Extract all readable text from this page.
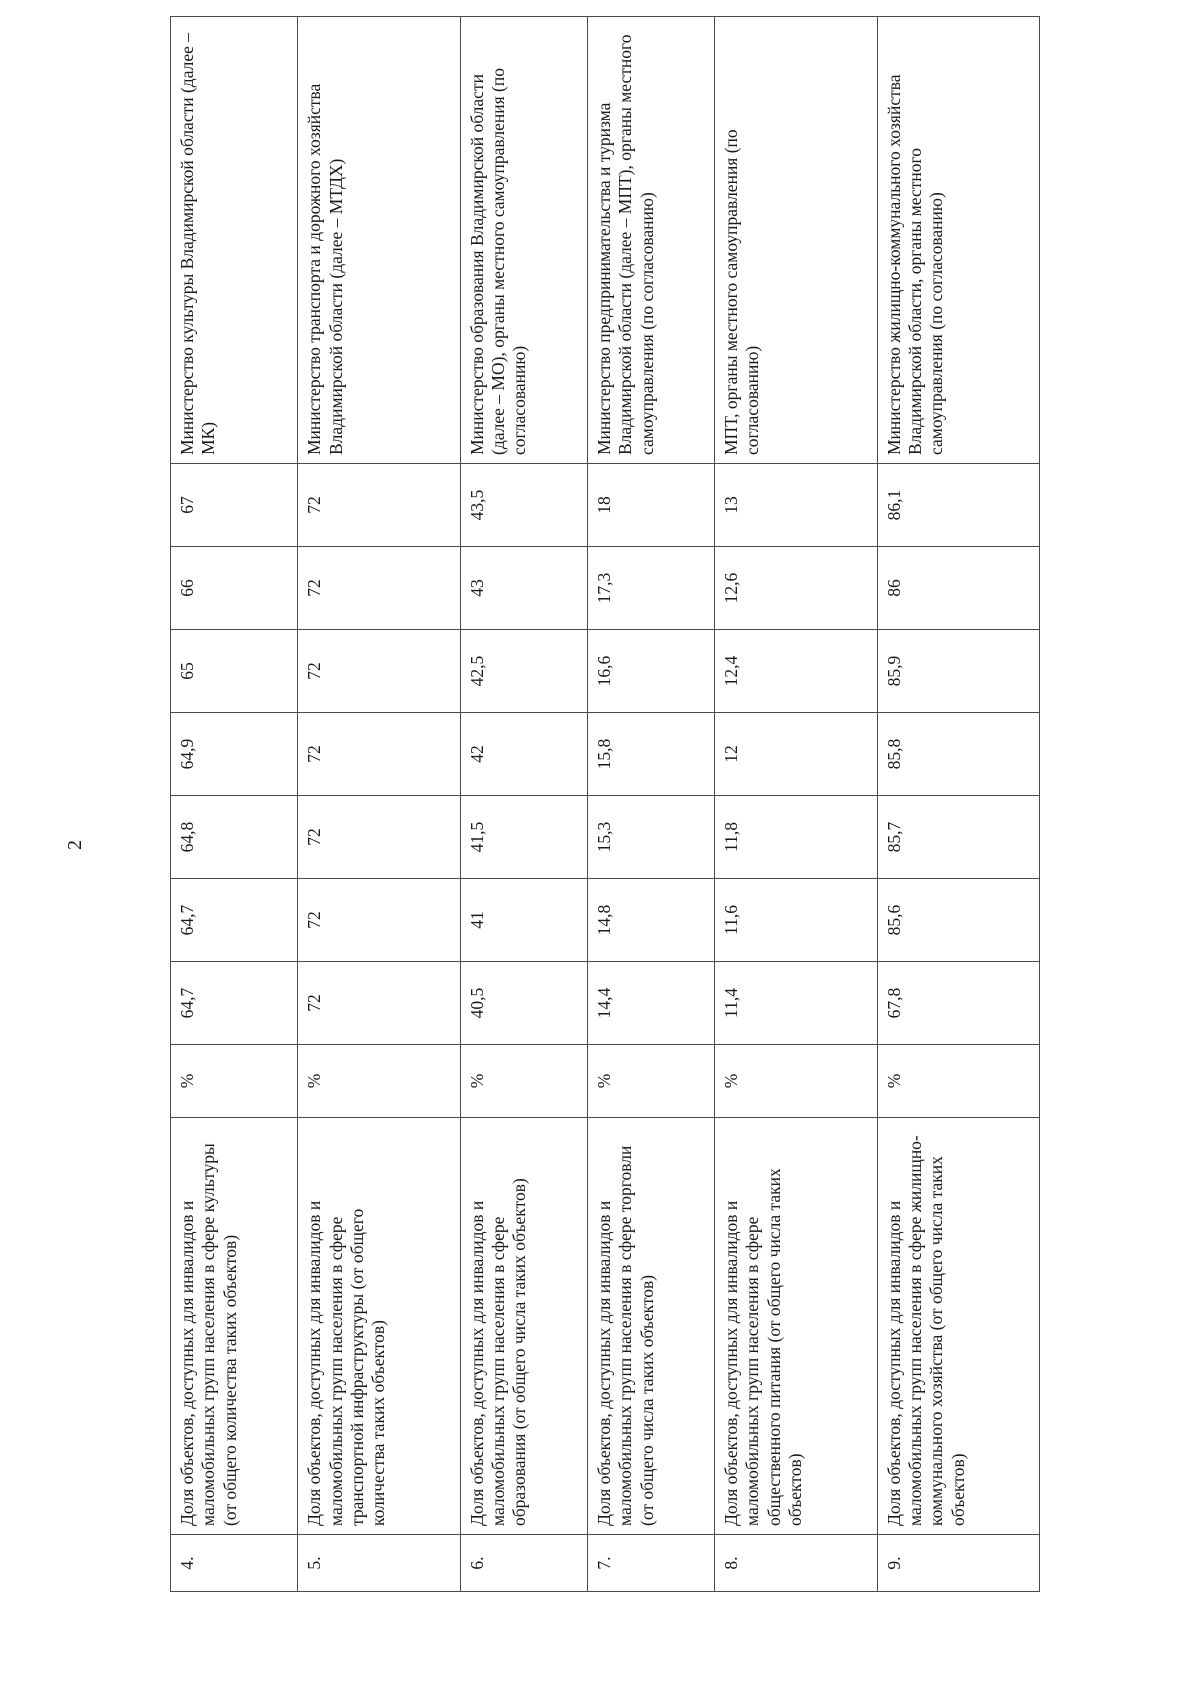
2
4.	Доля объектов, доступных для инвалидов и маломобильных групп населения в сфере культуры (от общего количества таких объектов)	%	64,7	64,7	64,8	64,9	65	66	67	Министерство культуры Владимирской области (далее – МК)
5.	Доля объектов, доступных для инвалидов и маломобильных групп населения в сфере транспортной инфраструктуры (от общего количества таких объектов)	%	72	72	72	72	72	72	72	Министерство транспорта и дорожного хозяйства Владимирской области (далее – МТДХ)
6.	Доля объектов, доступных для инвалидов и маломобильных групп населения в сфере образования (от общего числа таких объектов)	%	40,5	41	41,5	42	42,5	43	43,5	Министерство образования Владимирской области (далее – МО), органы местного самоуправления (по согласованию)
7.	Доля объектов, доступных для инвалидов и маломобильных групп населения в сфере торговли (от общего числа таких объектов)	%	14,4	14,8	15,3	15,8	16,6	17,3	18	Министерство предпринимательства и туризма Владимирской области (далее – МПТ), органы местного самоуправления (по согласованию)
8.	Доля объектов, доступных для инвалидов и маломобильных групп населения в сфере общественного питания (от общего числа таких объектов)	%	11,4	11,6	11,8	12	12,4	12,6	13	МПТ, органы местного самоуправления (по согласованию)
9.	Доля объектов, доступных для инвалидов и маломобильных групп населения в сфере жилищно-коммунального хозяйства (от общего числа таких объектов)	%	67,8	85,6	85,7	85,8	85,9	86	86,1	Министерство жилищно-коммунального хозяйства Владимирской области, органы местного самоуправления (по согласованию)
